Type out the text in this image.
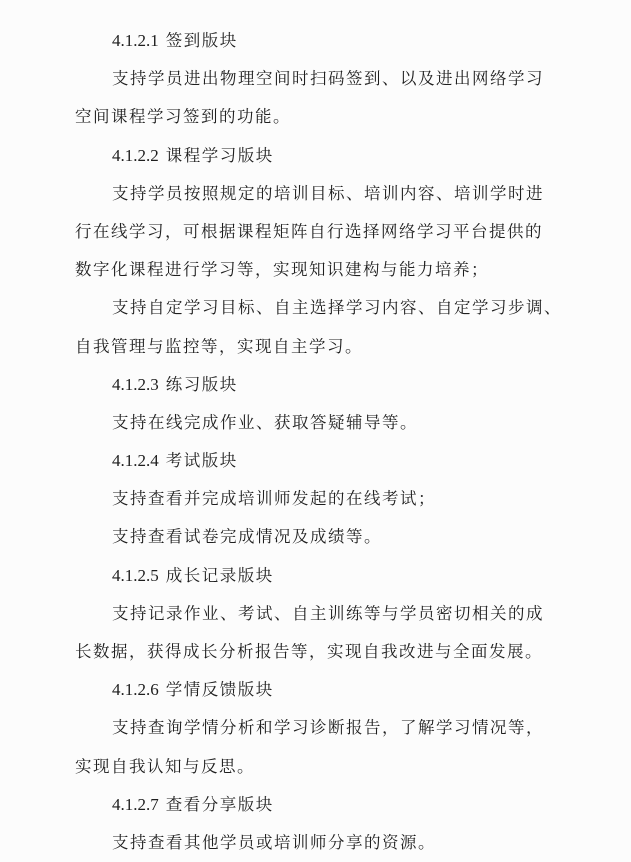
4.1.2.1 签到版块
支持学员进出物理空间时扫码签到、以及进出网络学习
空间课程学习签到的功能。
4.1.2.2 课程学习版块
支持学员按照规定的培训目标、培训内容、培训学时进
行在线学习，可根据课程矩阵自行选择网络学习平台提供的
数字化课程进行学习等，实现知识建构与能力培养；
支持自定学习目标、自主选择学习内容、自定学习步调、
自我管理与监控等，实现自主学习。
4.1.2.3 练习版块
支持在线完成作业、获取答疑辅导等。
4.1.2.4 考试版块
支持查看并完成培训师发起的在线考试；
支持查看试卷完成情况及成绩等。
4.1.2.5 成长记录版块
支持记录作业、考试、自主训练等与学员密切相关的成
长数据，获得成长分析报告等，实现自我改进与全面发展。
4.1.2.6 学情反馈版块
支持查询学情分析和学习诊断报告，了解学习情况等，
实现自我认知与反思。
4.1.2.7 查看分享版块
支持查看其他学员或培训师分享的资源。
